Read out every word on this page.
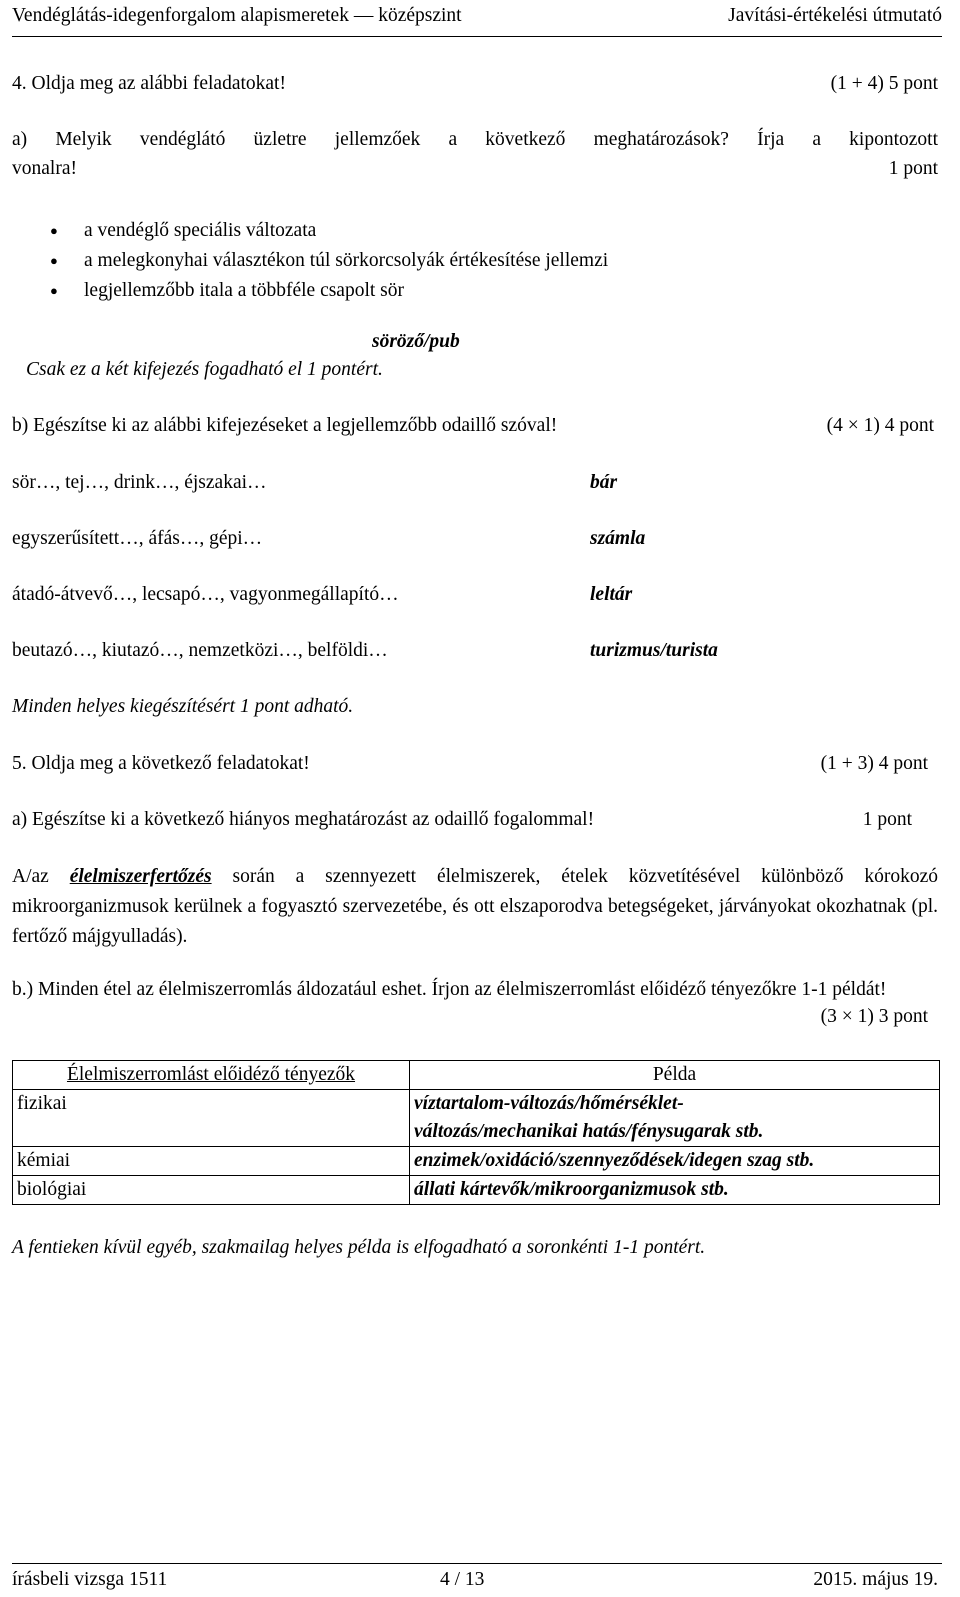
Vendéglátás-idegenforgalom alapismeretek — középszint	Javítási-értékelési útmutató
4. Oldja meg az alábbi feladatokat!	(1 + 4) 5 pont
a) Melyik vendéglátó üzletre jellemzőek a következő meghatározások? Írja a kipontozott
vonalra!	1 pont
● a vendéglő speciális változata
● a melegkonyhai választékon túl sörkorcsolyák értékesítése jellemzi
● legjellemzőbb itala a többféle csapolt sör
söröző/pub
Csak ez a két kifejezés fogadható el 1 pontért.
b) Egészítse ki az alábbi kifejezéseket a legjellemzőbb odaillő szóval!	(4 × 1) 4 pont
sör…, tej…, drink…, éjszakai…	bár
egyszerűsített…, áfás…, gépi…	számla
átadó-átvevő…, lecsapó…, vagyonmegállapító…	leltár
beutazó…, kiutazó…, nemzetközi…, belföldi…	turizmus/turista
Minden helyes kiegészítésért 1 pont adható.
5. Oldja meg a következő feladatokat!	(1 + 3) 4 pont
a) Egészítse ki a következő hiányos meghatározást az odaillő fogalommal!	1 pont
A/az élelmiszerfertőzés során a szennyezett élelmiszerek, ételek közvetítésével különböző kórokozó mikroorganizmusok kerülnek a fogyasztó szervezetébe, és ott elszaporodva betegségeket, járványokat okozhatnak (pl. fertőző májgyulladás).
b.) Minden étel az élelmiszerromlás áldozatául eshet. Írjon az élelmiszerromlást előidéző tényezőkre 1-1 példát!
(3 × 1) 3 pont
Élelmiszerromlást előidéző tényezők	Példa
fizikai	víztartalom-változás/hőmérséklet-
változás/mechanikai hatás/fénysugarak stb.

kémiai	enzimek/oxidáció/szennyeződések/idegen szag stb.
biológiai	állati kártevők/mikroorganizmusok stb.
A fentieken kívül egyéb, szakmailag helyes példa is elfogadható a soronkénti 1-1 pontért.
írásbeli vizsga 1511	4 / 13	2015. május 19.
